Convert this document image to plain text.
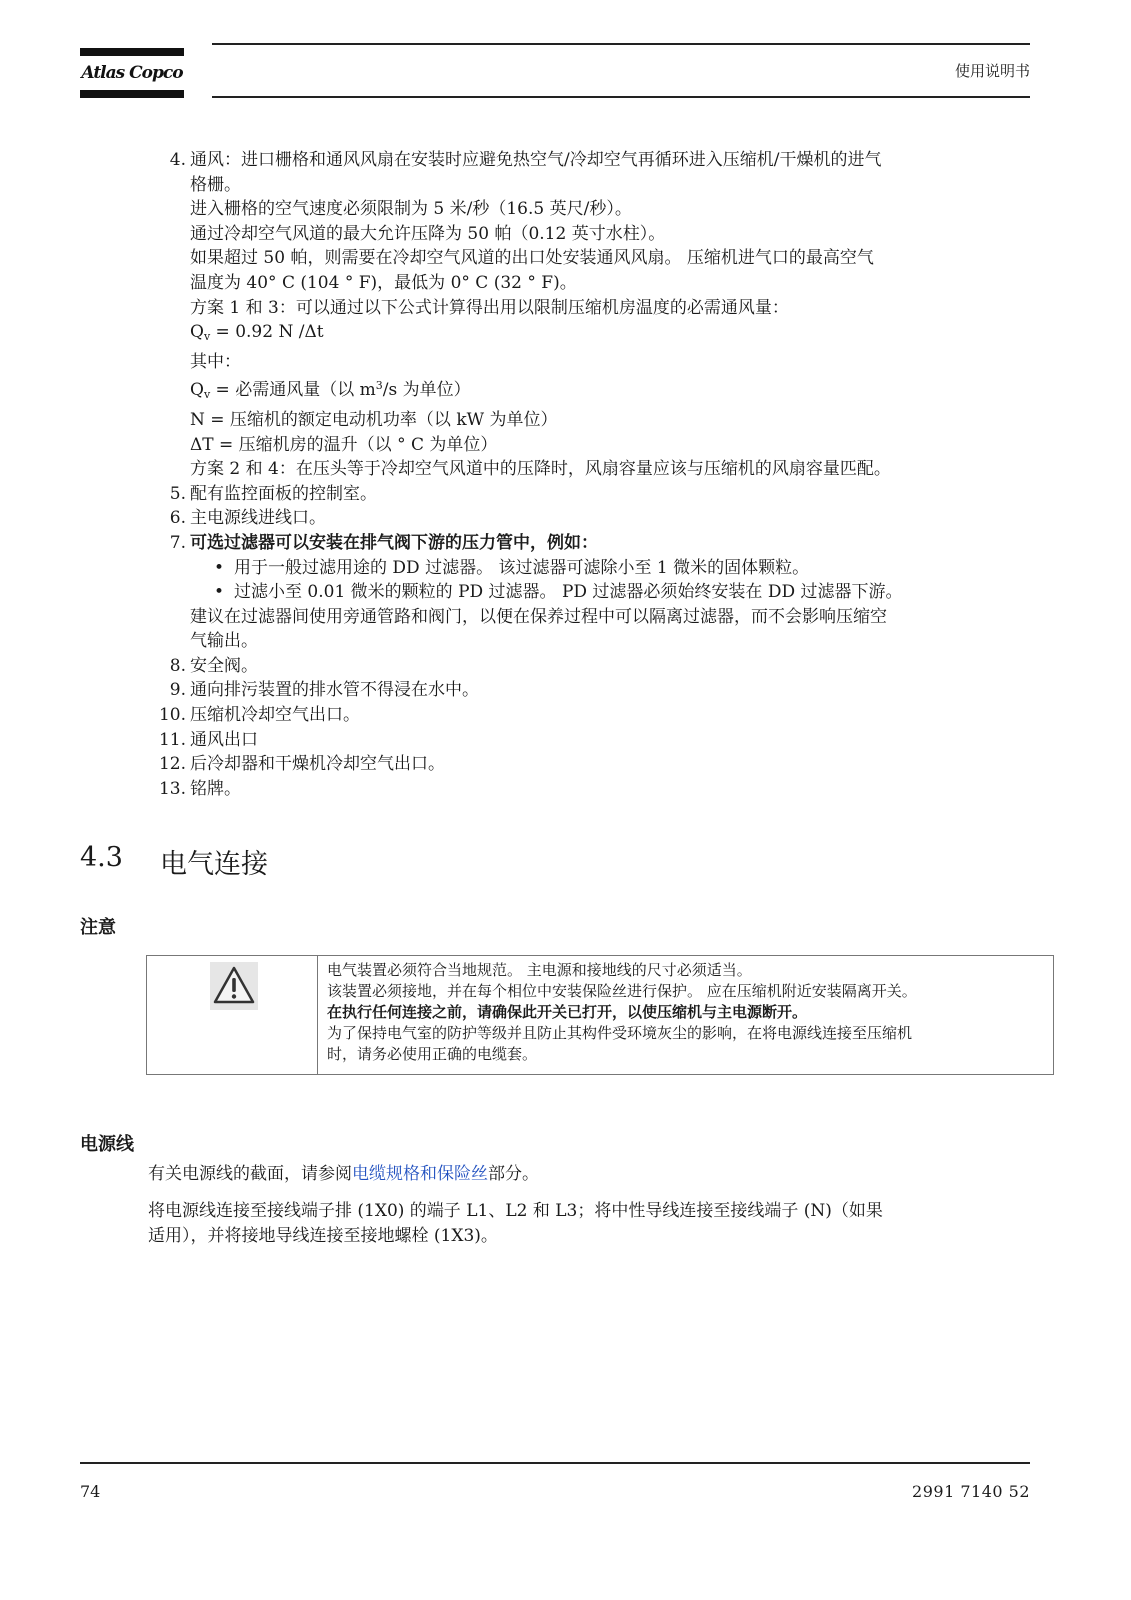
Atlas Copco	使用说明书
4. 通风：进口栅格和通风风扇在安装时应避免热空气/冷却空气再循环进入压缩机/干燥机的进气
格栅。
进入栅格的空气速度必须限制为 5 米/秒（16.5 英尺/秒）。
通过冷却空气风道的最大允许压降为 50 帕（0.12 英寸水柱）。
如果超过 50 帕，则需要在冷却空气风道的出口处安装通风风扇。 压缩机进气口的最高空气
温度为 40° C (104 ° F)，最低为 0° C (32 ° F)。
方案 1 和 3：可以通过以下公式计算得出用以限制压缩机房温度的必需通风量：
$Q_v = 0.92$ N /Δt
其中：
$Q_v$ = 必需通风量（以 $m^3/s$ 为单位）
N = 压缩机的额定电动机功率（以 kW 为单位）
ΔT = 压缩机房的温升（以 ° C 为单位）
方案 2 和 4：在压头等于冷却空气风道中的压降时，风扇容量应该与压缩机的风扇容量匹配。
5. 配有监控面板的控制室。
6. 主电源线进线口。
7. 可选过滤器可以安装在排气阀下游的压力管中，例如：
• 用于一般过滤用途的 DD 过滤器。 该过滤器可滤除小至 1 微米的固体颗粒。
• 过滤小至 0.01 微米的颗粒的 PD 过滤器。 PD 过滤器必须始终安装在 DD 过滤器下游。
建议在过滤器间使用旁通管路和阀门，以便在保养过程中可以隔离过滤器，而不会影响压缩空
气输出。
8. 安全阀。
9. 通向排污装置的排水管不得浸在水中。
10. 压缩机冷却空气出口。
11. 通风出口
12. 后冷却器和干燥机冷却空气出口。
13. 铭牌。
4.3 电气连接
注意
电气装置必须符合当地规范。 主电源和接地线的尺寸必须适当。
该装置必须接地，并在每个相位中安装保险丝进行保护。 应在压缩机附近安装隔离开关。
在执行任何连接之前，请确保此开关已打开，以使压缩机与主电源断开。
为了保持电气室的防护等级并且防止其构件受环境灰尘的影响，在将电源线连接至压缩机
时，请务必使用正确的电缆套。
电源线
有关电源线的截面，请参阅电缆规格和保险丝部分。
将电源线连接至接线端子排 (1X0) 的端子 L1、L2 和 L3；将中性导线连接至接线端子 (N)（如果
适用），并将接地导线连接至接地螺栓 (1X3)。
74	2991 7140 52
